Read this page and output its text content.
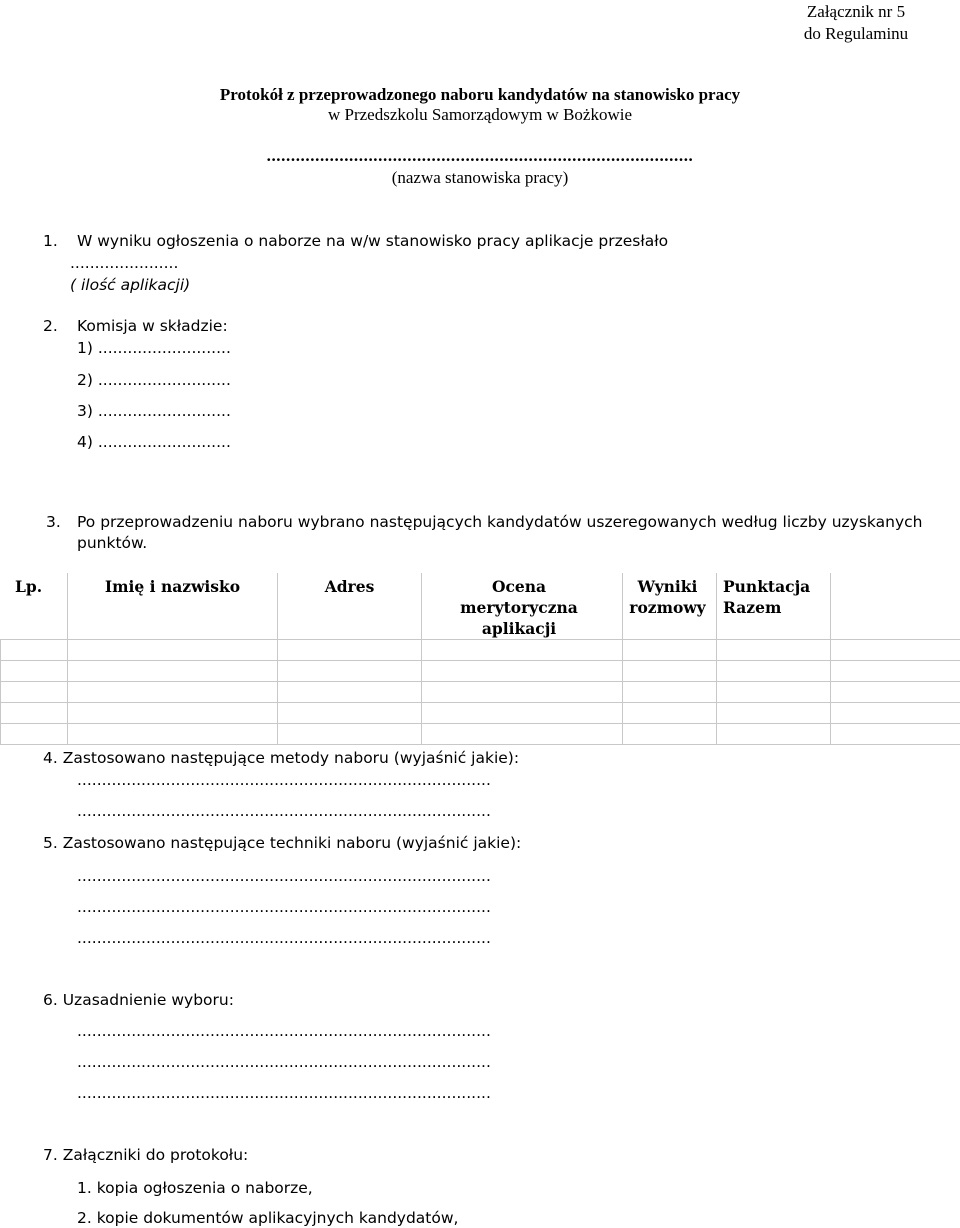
Załącznik nr 5
do Regulaminu
Protokół z przeprowadzonego naboru kandydatów na stanowisko pracy
w Przedszkolu Samorządowym w Bożkowie
........................................................................................
(nazwa stanowiska pracy)
1. W wyniku ogłoszenia o naborze na w/w stanowisko pracy aplikacje przesłało
......................
( ilość aplikacji)
2. Komisja w składzie:
1) ...........................
2) ...........................
3) ...........................
4) ...........................
3. Po przeprowadzeniu naboru wybrano następujących kandydatów uszeregowanych według liczby uzyskanych
punktów.
Lp.	Imię i nazwisko	Adres	Ocena merytoryczna aplikacji	Wyniki rozmowy	Punktacja Razem	

4. Zastosowano następujące metody naboru (wyjaśnić jakie):
....................................................................................
....................................................................................
5. Zastosowano następujące techniki naboru (wyjaśnić jakie):
....................................................................................
....................................................................................
....................................................................................
6. Uzasadnienie wyboru:
....................................................................................
....................................................................................
....................................................................................
7. Załączniki do protokołu:
1. kopia ogłoszenia o naborze,
2. kopie dokumentów aplikacyjnych kandydatów,
